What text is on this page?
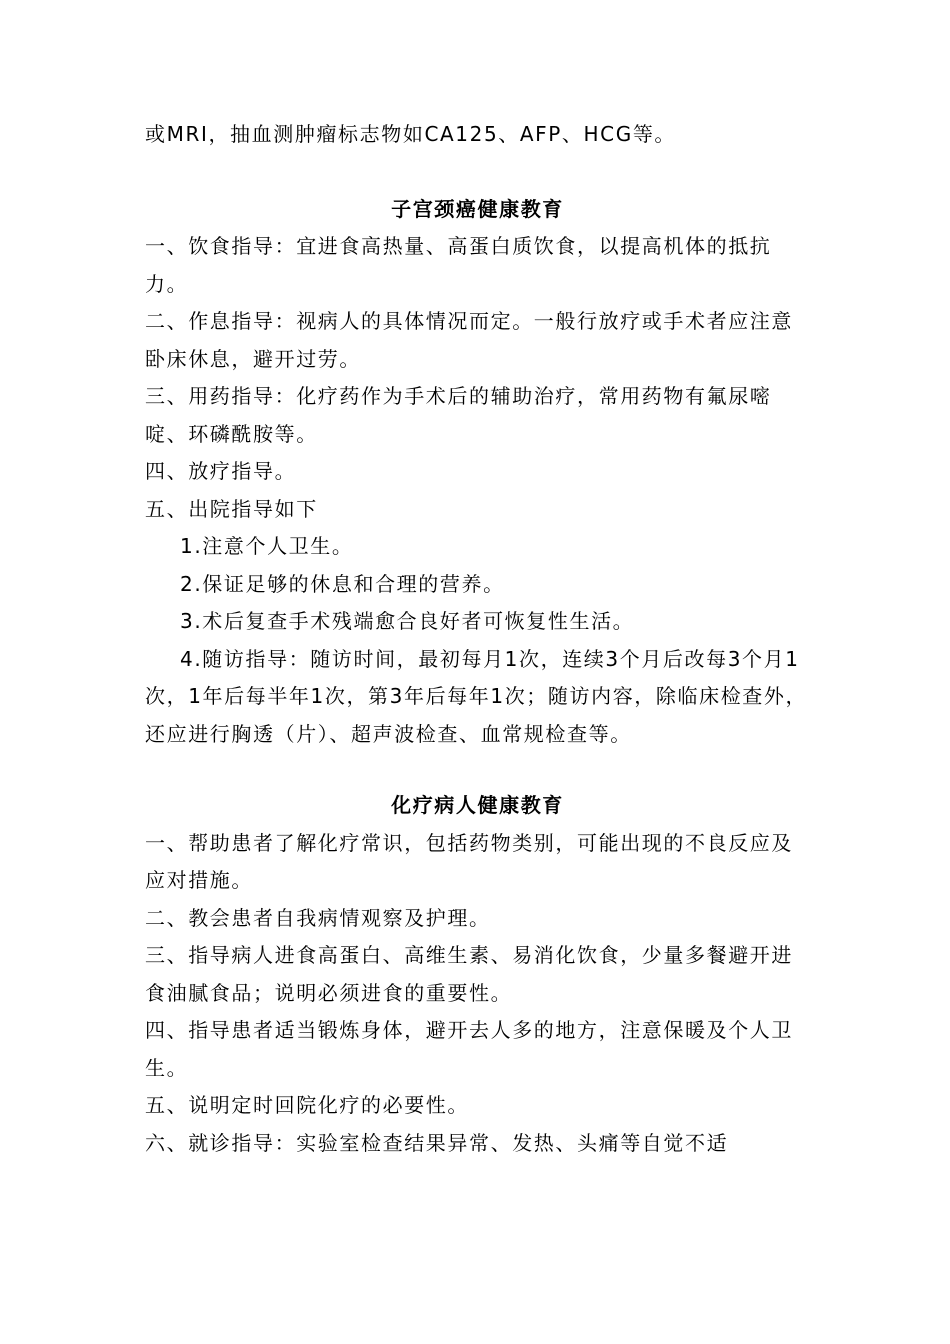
或MRI，抽血测肿瘤标志物如CA125、AFP、HCG等。

子宫颈癌健康教育

一、饮食指导：宜进食高热量、高蛋白质饮食，以提高机体的抵抗力。

二、作息指导：视病人的具体情况而定。一般行放疗或手术者应注意卧床休息，避开过劳。

三、用药指导：化疗药作为手术后的辅助治疗，常用药物有氟尿嘧啶、环磷酰胺等。

四、放疗指导。

五、出院指导如下

1.注意个人卫生。

2.保证足够的休息和合理的营养。

3.术后复查手术残端愈合良好者可恢复性生活。

4.随访指导：随访时间，最初每月1次，连续3个月后改每3个月1次，1年后每半年1次，第3年后每年1次；随访内容，除临床检查外，还应进行胸透（片）、超声波检查、血常规检查等。

化疗病人健康教育

一、帮助患者了解化疗常识，包括药物类别，可能出现的不良反应及应对措施。

二、教会患者自我病情观察及护理。

三、指导病人进食高蛋白、高维生素、易消化饮食，少量多餐避开进食油腻食品；说明必须进食的重要性。

四、指导患者适当锻炼身体，避开去人多的地方，注意保暖及个人卫生。

五、说明定时回院化疗的必要性。

六、就诊指导：实验室检查结果异常、发热、头痛等自觉不适
